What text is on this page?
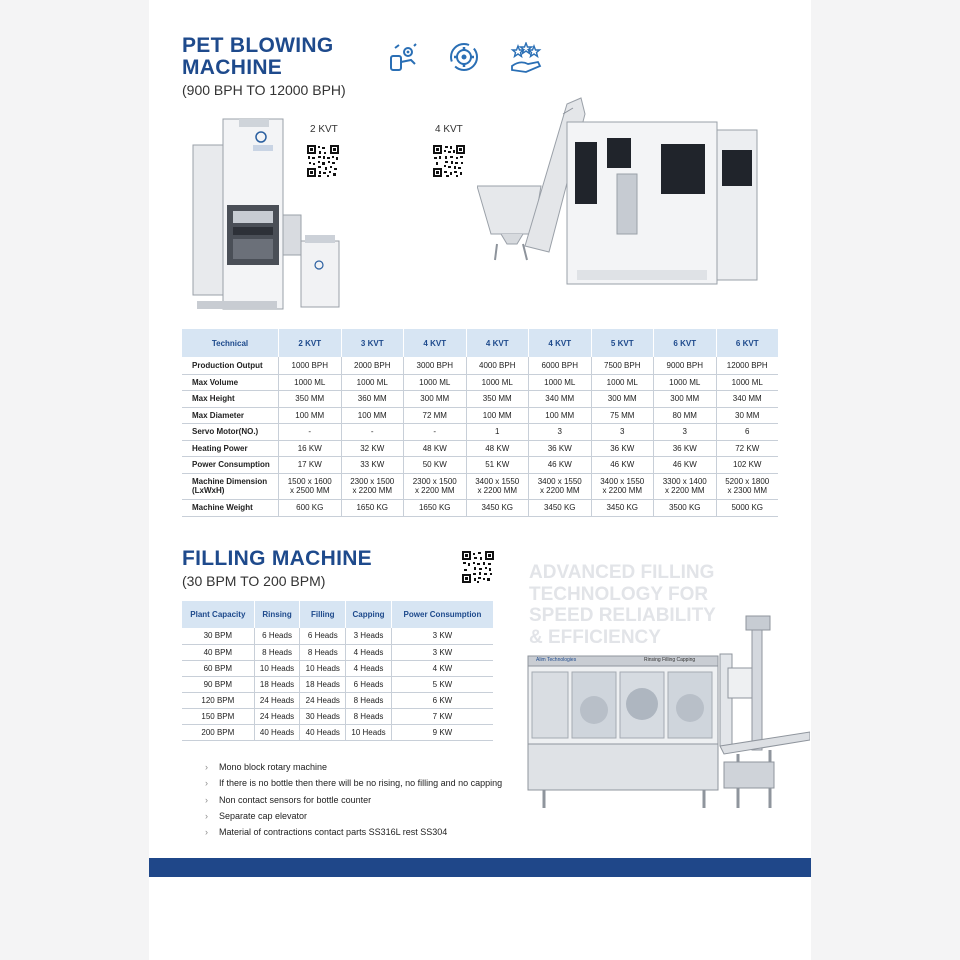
PET BLOWING
MACHINE
(900 BPH TO 12000 BPH)
2 KVT	4 KVT
Technical	2 KVT	3 KVT	4 KVT	4 KVT	4 KVT	5 KVT	6 KVT	6 KVT
Production Output	1000 BPH	2000 BPH	3000 BPH	4000 BPH	6000 BPH	7500 BPH	9000 BPH	12000 BPH
Max Volume	1000 ML	1000 ML	1000 ML	1000 ML	1000 ML	1000 ML	1000 ML	1000 ML
Max Height	350 MM	360 MM	300 MM	350 MM	340 MM	300 MM	300 MM	340 MM
Max Diameter	100 MM	100 MM	72 MM	100 MM	100 MM	75 MM	80 MM	30 MM
Servo Motor(NO.)	-	-	-	1	3	3	3	6
Heating Power	16 KW	32 KW	48 KW	48 KW	36 KW	36 KW	36 KW	72 KW
Power Consumption	17 KW	33 KW	50 KW	51 KW	46 KW	46 KW	46 KW	102 KW
Machine Dimension (LxWxH)	1500 x 1600 x 2500 MM	2300 x 1500 x 2200 MM	2300 x 1500 x 2200 MM	3400 x 1550 x 2200 MM	3400 x 1550 x 2200 MM	3400 x 1550 x 2200 MM	3300 x 1400 x 2200 MM	5200 x 1800 x 2300 MM
Machine Weight	600 KG	1650 KG	1650 KG	3450 KG	3450 KG	3450 KG	3500 KG	5000 KG
FILLING MACHINE
(30 BPM TO 200 BPM)
Plant Capacity	Rinsing	Filling	Capping	Power Consumption
30 BPM	6 Heads	6 Heads	3 Heads	3 KW
40 BPM	8 Heads	8 Heads	4 Heads	3 KW
60 BPM	10 Heads	10 Heads	4 Heads	4 KW
90 BPM	18 Heads	18 Heads	6 Heads	5 KW
120 BPM	24 Heads	24 Heads	8 Heads	6 KW
150 BPM	24 Heads	30 Heads	8 Heads	7 KW
200 BPM	40 Heads	40 Heads	10 Heads	9 KW
ADVANCED FILLING
TECHNOLOGY FOR
SPEED RELIABILITY
& EFFICIENCY
Alim Technologies	Rinsing Filling Capping
›	Mono block rotary machine
›	If there is no bottle then there will be no rising, no filling and no capping
›	Non contact sensors for bottle counter
›	Separate cap elevator
›	Material of contractions contact parts SS316L rest SS304
